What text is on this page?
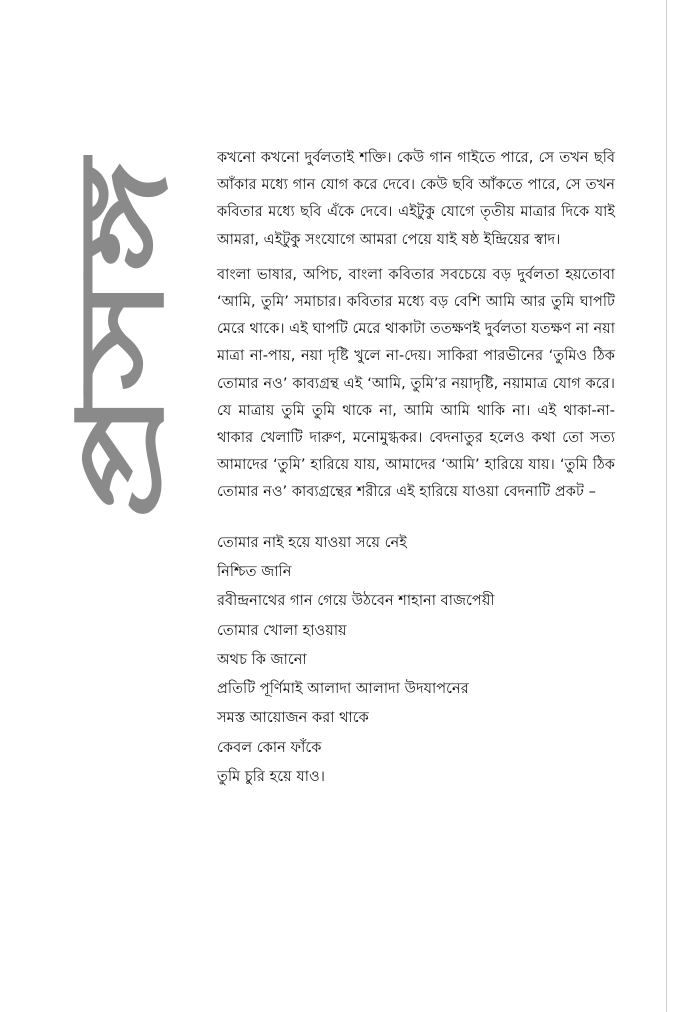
প্রসঙ্গ

কখনো কখনো দুর্বলতাই শক্তি। কেউ গান গাইতে পারে, সে তখন ছবি আঁকার মধ্যে গান যোগ করে দেবে। কেউ ছবি আঁকতে পারে, সে তখন কবিতার মধ্যে ছবি এঁকে দেবে। এইটুকু যোগে তৃতীয় মাত্রার দিকে যাই আমরা, এইটুকু সংযোগে আমরা পেয়ে যাই ষষ্ঠ ইন্দ্রিয়ের স্বাদ।

বাংলা ভাষার, অপিচ, বাংলা কবিতার সবচেয়ে বড় দুর্বলতা হয়তোবা ‘আমি, তুমি’ সমাচার। কবিতার মধ্যে বড় বেশি আমি আর তুমি ঘাপটি মেরে থাকে। এই ঘাপটি মেরে থাকাটা ততক্ষণই দুর্বলতা যতক্ষণ না নয়া মাত্রা না-পায়, নয়া দৃষ্টি খুলে না-দেয়। সাকিরা পারভীনের ‘তুমিও ঠিক তোমার নও’ কাব্যগ্রন্থ এই ‘আমি, তুমি’র নয়াদৃষ্টি, নয়ামাত্র যোগ করে। যে মাত্রায় তুমি তুমি থাকে না, আমি আমি থাকি না। এই থাকা-না-থাকার খেলাটি দারুণ, মনোমুগ্ধকর। বেদনাতুর হলেও কথা তো সত্য আমাদের ‘তুমি’ হারিয়ে যায়, আমাদের ‘আমি’ হারিয়ে যায়। ‘তুমি ঠিক তোমার নও’ কাব্যগ্রন্থের শরীরে এই হারিয়ে যাওয়া বেদনাটি প্রকট –

তোমার নাই হয়ে যাওয়া সয়ে নেই
নিশ্চিত জানি
রবীন্দ্রনাথের গান গেয়ে উঠবেন শাহানা বাজপেয়ী
তোমার খোলা হাওয়ায়
অথচ কি জানো
প্রতিটি পূর্ণিমাই আলাদা আলাদা উদযাপনের
সমস্ত আয়োজন করা থাকে
কেবল কোন ফাঁকে
তুমি চুরি হয়ে যাও।
